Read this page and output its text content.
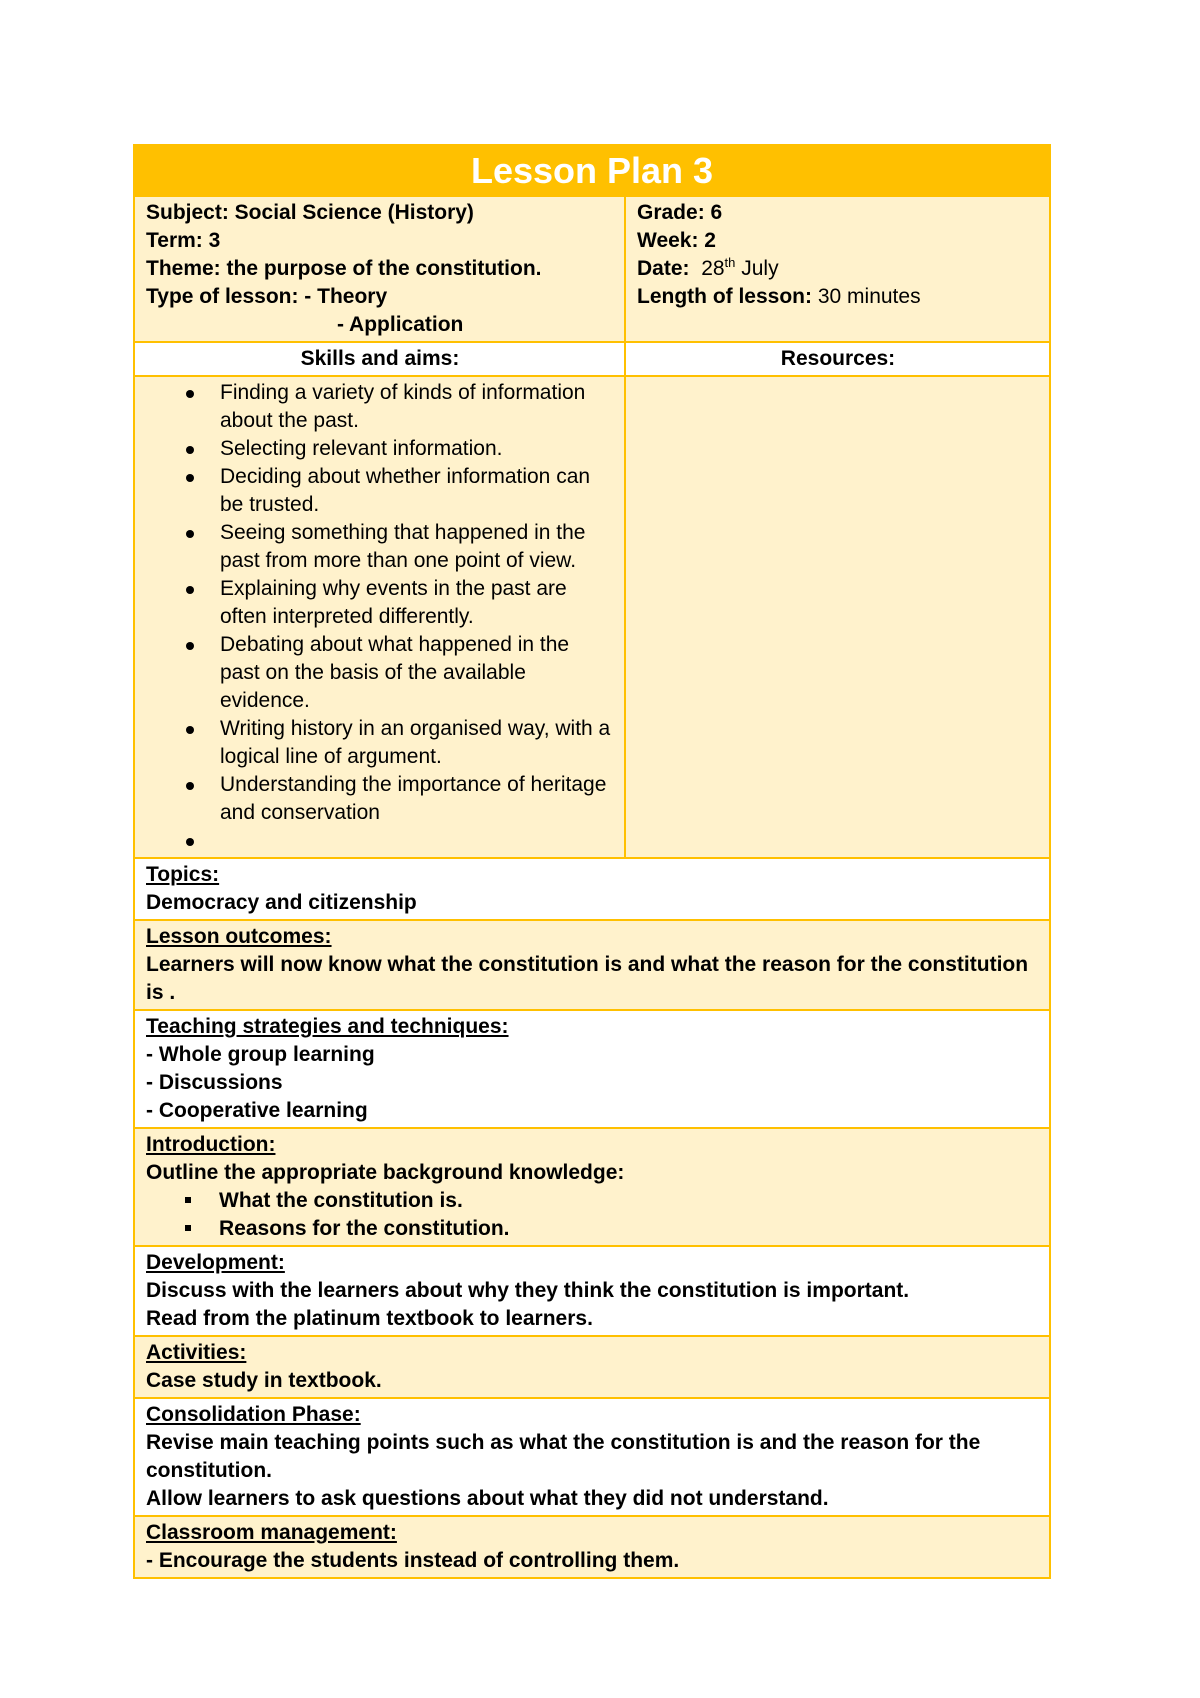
Lesson Plan 3
Subject: Social Science (History)
Term: 3
Theme: the purpose of the constitution.
Type of lesson: - Theory
- Application
Grade: 6
Week: 2
Date: 28th July
Length of lesson: 30 minutes
Skills and aims:	Resources:
Finding a variety of kinds of information about the past.
Selecting relevant information.
Deciding about whether information can be trusted.
Seeing something that happened in the past from more than one point of view.
Explaining why events in the past are often interpreted differently.
Debating about what happened in the past on the basis of the available evidence.
Writing history in an organised way, with a logical line of argument.
Understanding the importance of heritage and conservation

Topics:
Democracy and citizenship
Lesson outcomes:
Learners will now know what the constitution is and what the reason for the constitution is .
Teaching strategies and techniques:
- Whole group learning
- Discussions
- Cooperative learning
Introduction:
Outline the appropriate background knowledge:
What the constitution is.
Reasons for the constitution.
Development:
Discuss with the learners about why they think the constitution is important.
Read from the platinum textbook to learners.
Activities:
Case study in textbook.
Consolidation Phase:
Revise main teaching points such as what the constitution is and the reason for the constitution.
Allow learners to ask questions about what they did not understand.
Classroom management:
- Encourage the students instead of controlling them.
